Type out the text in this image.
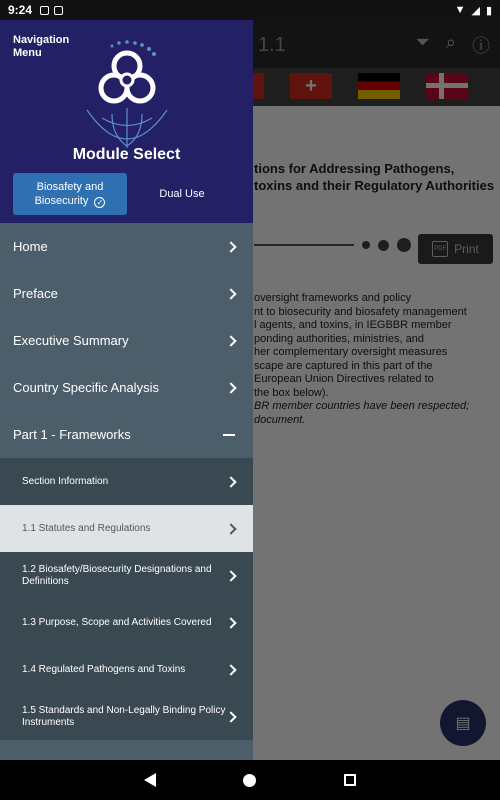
9:24	▼ ◢ ▮
Navigation Menu
Module Select
Biosafety and Biosecurity ✓
Dual Use
Home
Preface
Executive Summary
Country Specific Analysis
Part 1 - Frameworks
Section Information
1.1 Statutes and Regulations
1.2 Biosafety/Biosecurity Designations and Definitions
1.3 Purpose, Scope and Activities Covered
1.4 Regulated Pathogens and Toxins
1.5 Standards and Non-Legally Binding Policy Instruments
